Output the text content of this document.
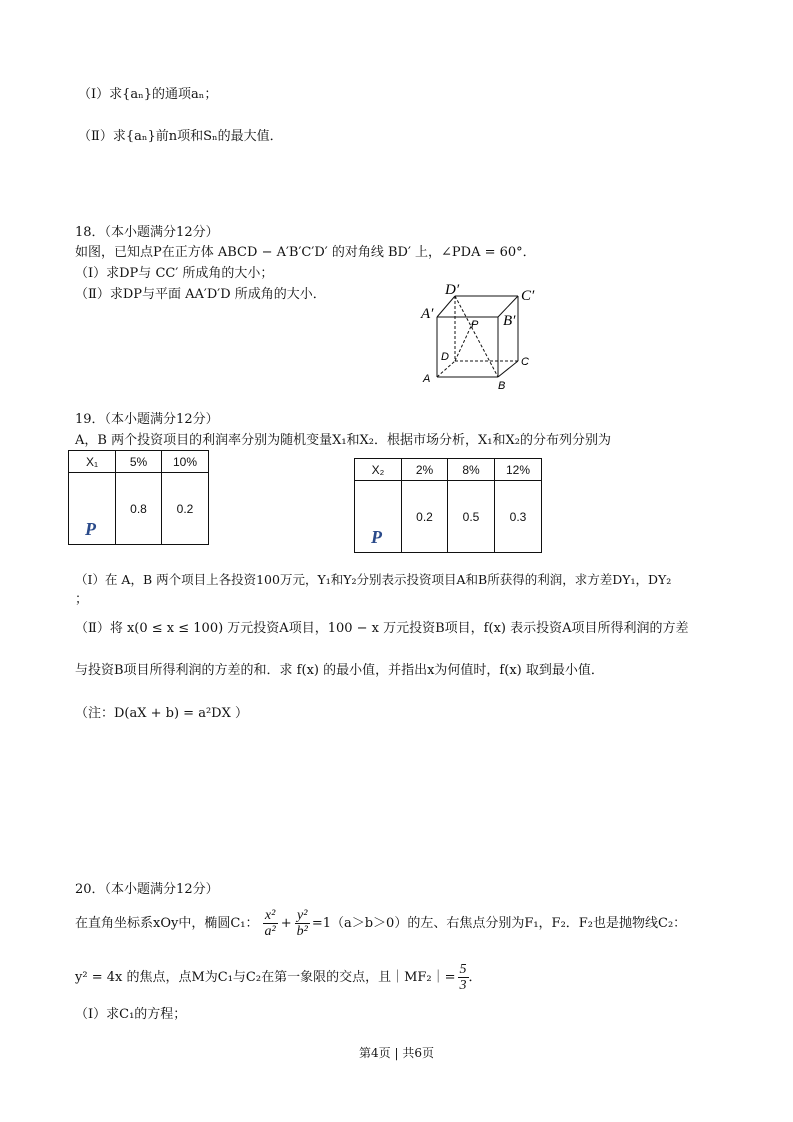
（Ⅰ）求{aₙ}的通项aₙ；
（Ⅱ）求{aₙ}前n项和Sₙ的最大值．
18．（本小题满分12分）
如图，已知点P在正方体 ABCD − A′B′C′D′ 的对角线 BD′ 上，∠PDA = 60°．
（Ⅰ）求DP与 CC′ 所成角的大小；
（Ⅱ）求DP与平面 AA′D′D 所成角的大小．	D′	C′
A′	B′
P
D	C
A
B
19．（本小题满分12分）
A，B 两个投资项目的利润率分别为随机变量X₁和X₂．根据市场分析，X₁和X₂的分布列分别为
X₁	5%	10%
P	0.8	0.2
X₂	2%	8%	12%
P	0.2	0.5	0.3
（Ⅰ）在 A，B 两个项目上各投资100万元，Y₁和Y₂分别表示投资项目A和B所获得的利润，求方差DY₁，DY₂
；
（Ⅱ）将 x(0 ≤ x ≤ 100) 万元投资A项目，100 − x 万元投资B项目，f(x) 表示投资A项目所得利润的方差
与投资B项目所得利润的方差的和．求 f(x) 的最小值，并指出x为何值时，f(x) 取到最小值．
（注：D(aX + b) = a²DX ）
20．（本小题满分12分）
在直角坐标系xOy中，椭圆C₁： $\frac{\text{x²}}{\text{a²}} + \frac{\text{y²}}{\text{b²}} =1(a>b>0)$的左、右焦点分别为F₁，F₂．F₂也是抛物线C₂：
y² = 4x 的焦点，点M为C₁与C₂在第一象限的交点，且｜MF₂｜= $\frac{5}{3}$ ．
（Ⅰ）求C₁的方程；
第4页 | 共6页
